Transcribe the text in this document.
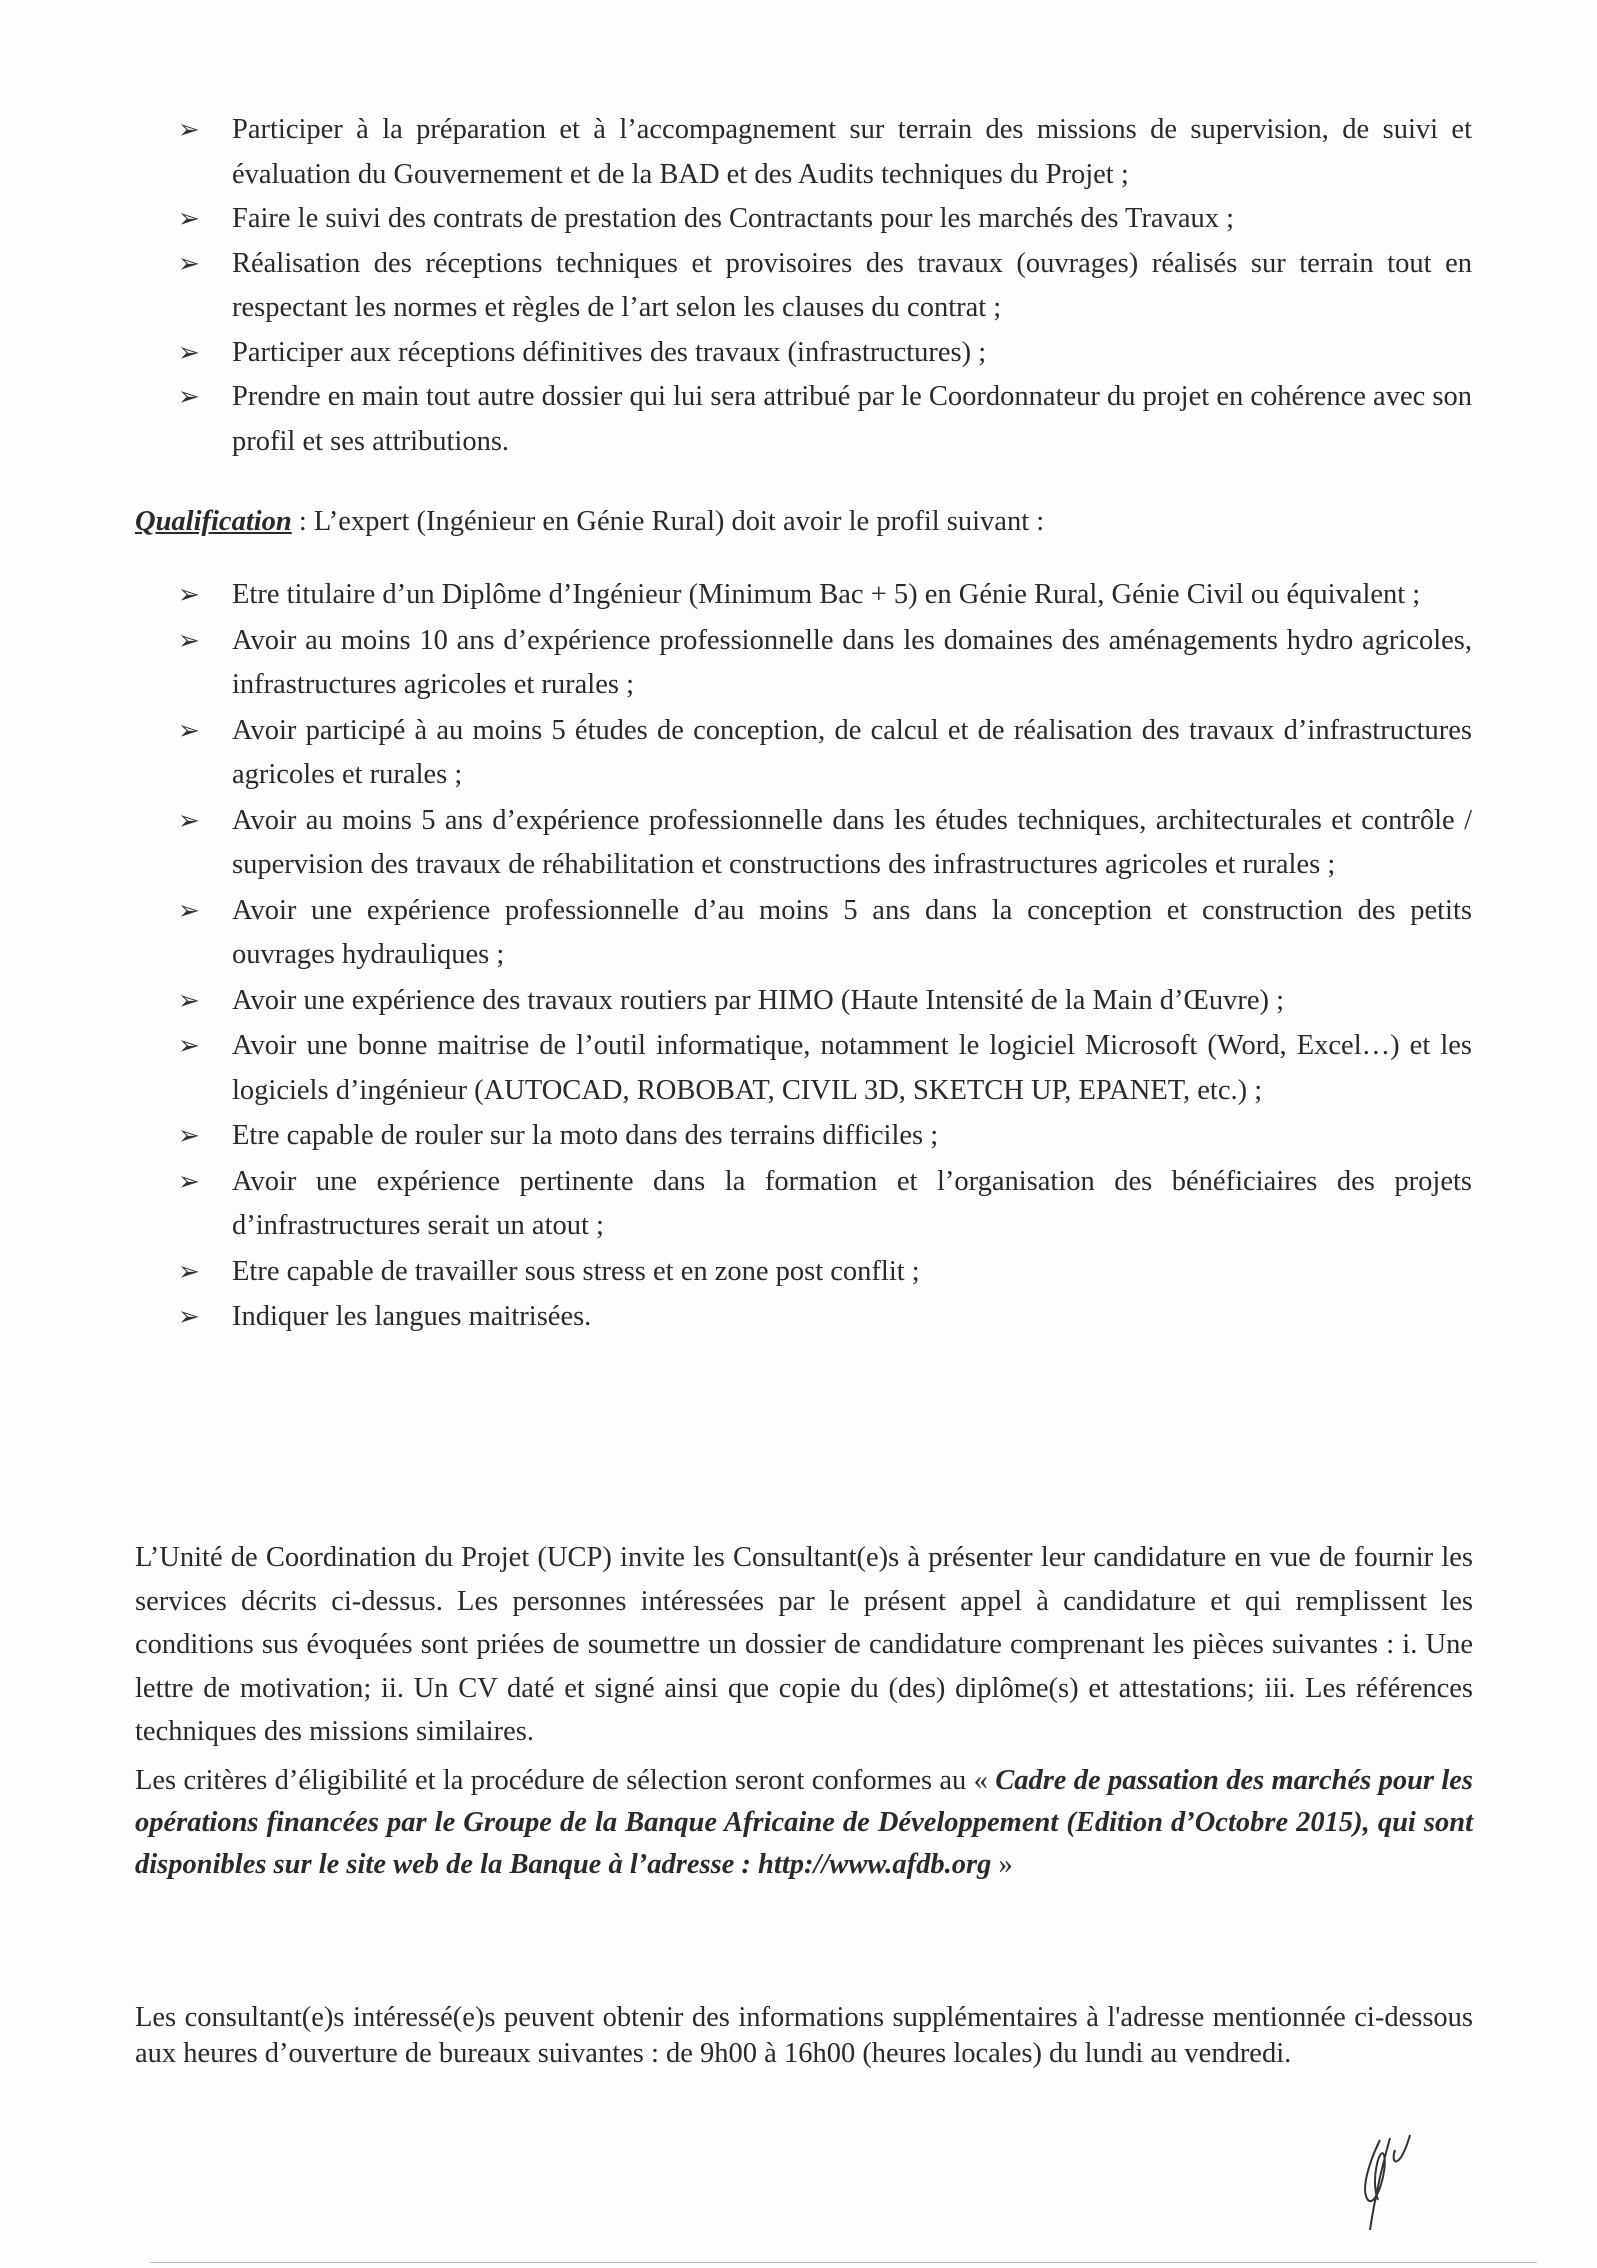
➢ Participer à la préparation et à l’accompagnement sur terrain des missions de supervision, de suivi et évaluation du Gouvernement et de la BAD et des Audits techniques du Projet ;
➢ Faire le suivi des contrats de prestation des Contractants pour les marchés des Travaux ;
➢ Réalisation des réceptions techniques et provisoires des travaux (ouvrages) réalisés sur terrain tout en respectant les normes et règles de l’art selon les clauses du contrat ;
➢ Participer aux réceptions définitives des travaux (infrastructures) ;
➢ Prendre en main tout autre dossier qui lui sera attribué par le Coordonnateur du projet en cohérence avec son profil et ses attributions.
Qualification : L’expert (Ingénieur en Génie Rural) doit avoir le profil suivant :
➢ Etre titulaire d’un Diplôme d’Ingénieur (Minimum Bac + 5) en Génie Rural, Génie Civil ou équivalent ;
➢ Avoir au moins 10 ans d’expérience professionnelle dans les domaines des aménagements hydro agricoles, infrastructures agricoles et rurales ;
➢ Avoir participé à au moins 5 études de conception, de calcul et de réalisation des travaux d’infrastructures agricoles et rurales ;
➢ Avoir au moins 5 ans d’expérience professionnelle dans les études techniques, architecturales et contrôle / supervision des travaux de réhabilitation et constructions des infrastructures agricoles et rurales ;
➢ Avoir une expérience professionnelle d’au moins 5 ans dans la conception et construction des petits ouvrages hydrauliques ;
➢ Avoir une expérience des travaux routiers par HIMO (Haute Intensité de la Main d’Œuvre) ;
➢ Avoir une bonne maitrise de l’outil informatique, notamment le logiciel Microsoft (Word, Excel…) et les logiciels d’ingénieur (AUTOCAD, ROBOBAT, CIVIL 3D, SKETCH UP, EPANET, etc.) ;
➢ Etre capable de rouler sur la moto dans des terrains difficiles ;
➢ Avoir une expérience pertinente dans la formation et l’organisation des bénéficiaires des projets d’infrastructures serait un atout ;
➢ Etre capable de travailler sous stress et en zone post conflit ;
➢ Indiquer les langues maitrisées.
L’Unité de Coordination du Projet (UCP) invite les Consultant(e)s à présenter leur candidature en vue de fournir les services décrits ci-dessus. Les personnes intéressées par le présent appel à candidature et qui remplissent les conditions sus évoquées sont priées de soumettre un dossier de candidature comprenant les pièces suivantes : i. Une lettre de motivation; ii. Un CV daté et signé ainsi que copie du (des) diplôme(s) et attestations; iii. Les références techniques des missions similaires.
Les critères d’éligibilité et la procédure de sélection seront conformes au « Cadre de passation des marchés pour les opérations financées par le Groupe de la Banque Africaine de Développement (Edition d’Octobre 2015), qui sont disponibles sur le site web de la Banque à l’adresse : http://www.afdb.org »
Les consultant(e)s intéressé(e)s peuvent obtenir des informations supplémentaires à l'adresse mentionnée ci-dessous aux heures d’ouverture de bureaux suivantes : de 9h00 à 16h00 (heures locales) du lundi au vendredi.
